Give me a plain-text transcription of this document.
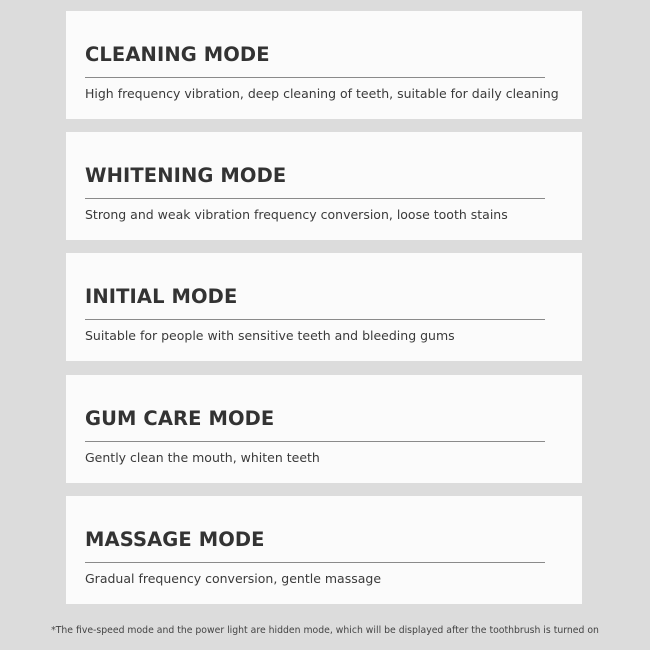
CLEANING MODE

High frequency vibration, deep cleaning of teeth, suitable for daily cleaning

WHITENING MODE

Strong and weak vibration frequency conversion, loose tooth stains

INITIAL MODE

Suitable for people with sensitive teeth and bleeding gums

GUM CARE MODE

Gently clean the mouth, whiten teeth

MASSAGE MODE

Gradual frequency conversion, gentle massage

*The five-speed mode and the power light are hidden mode, which will be displayed after the toothbrush is turned on
